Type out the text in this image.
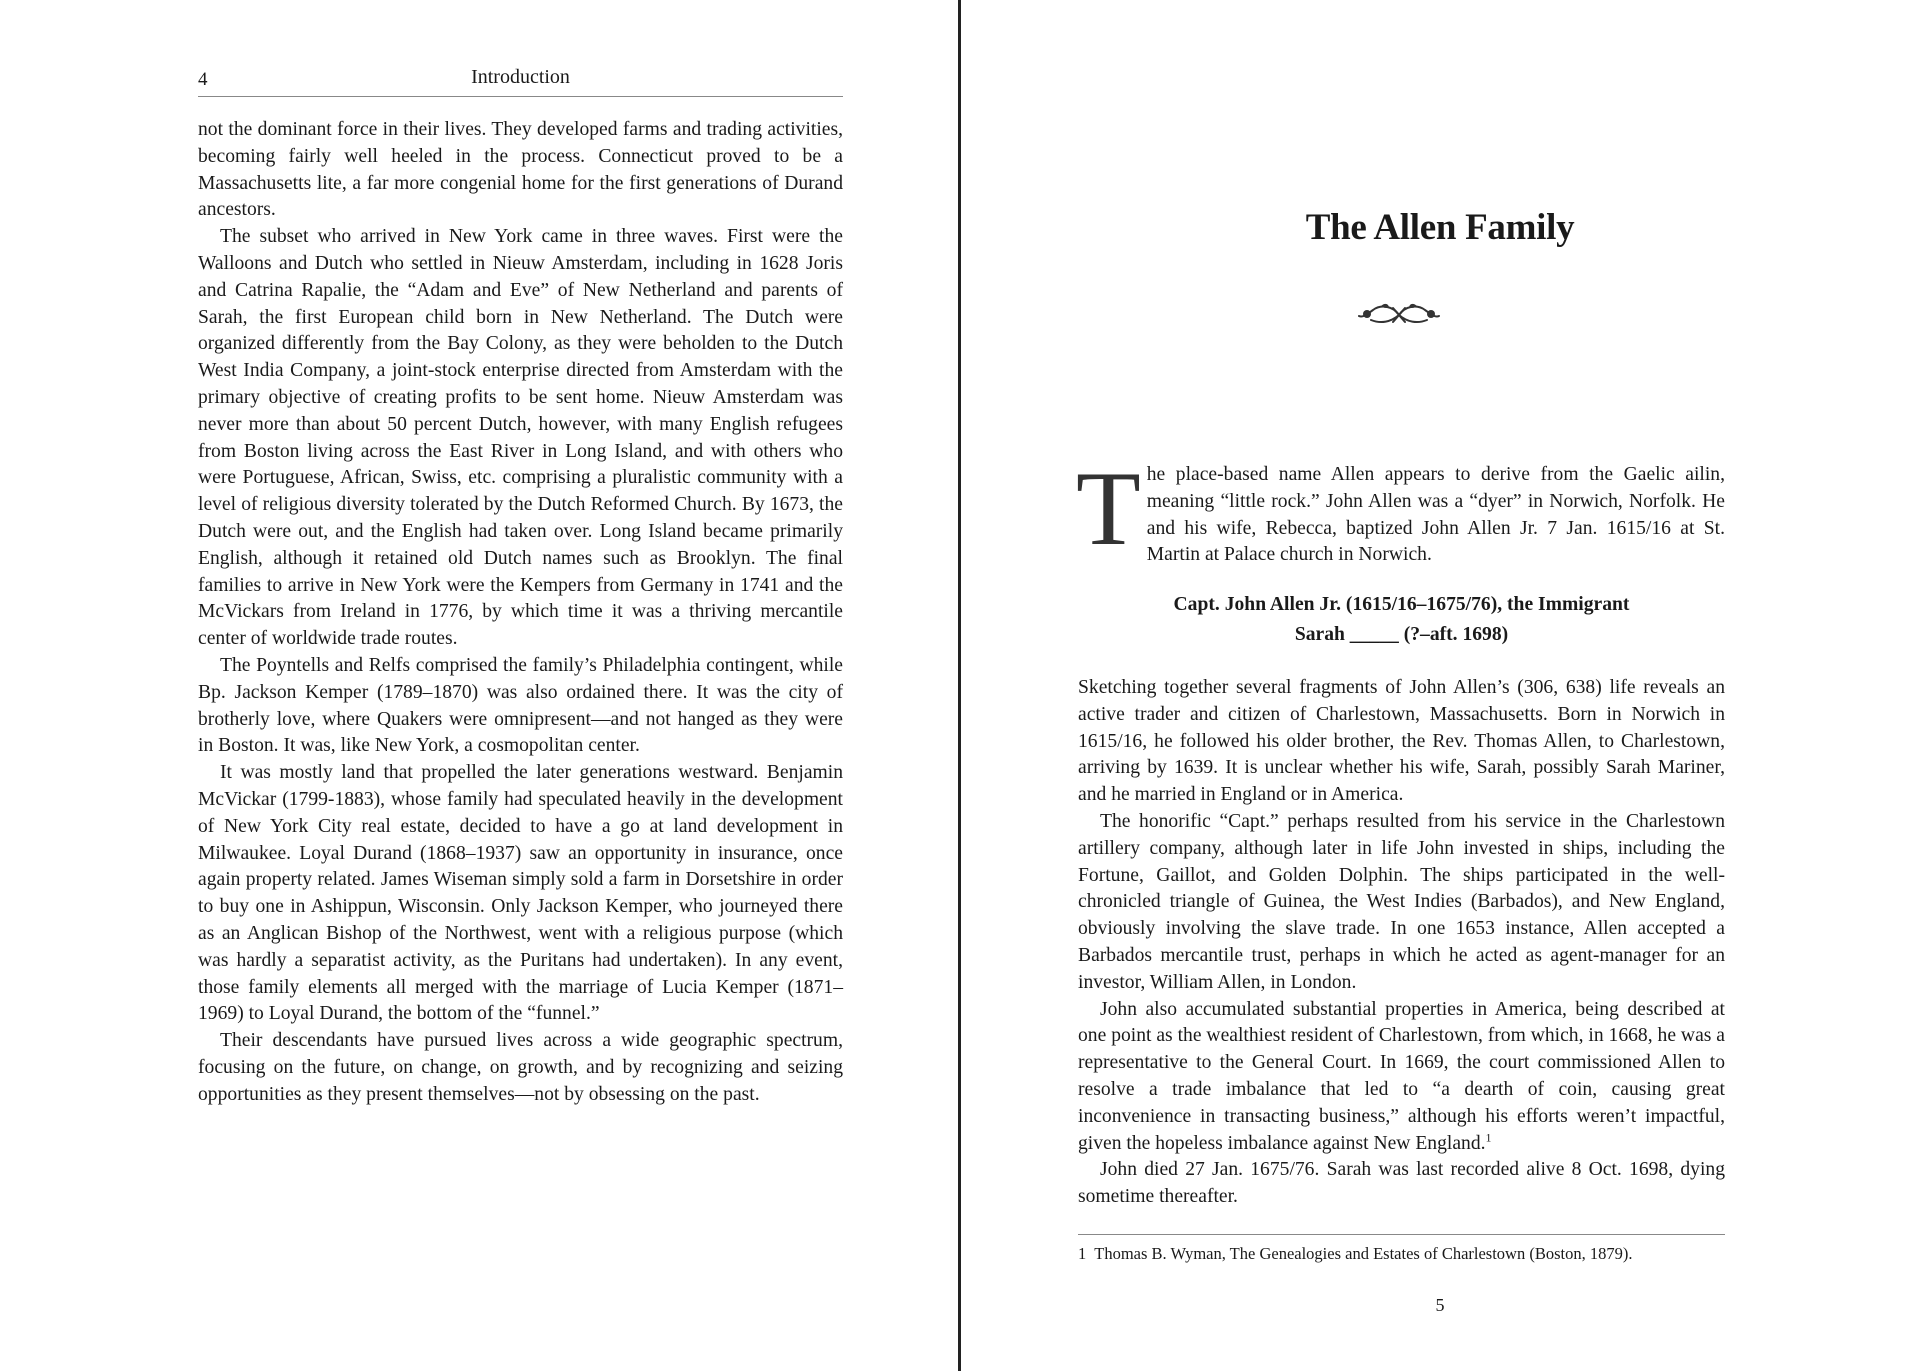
4	Introduction

not the dominant force in their lives. They developed farms and trading activities, becoming fairly well heeled in the process. Connecticut proved to be a Massachusetts lite, a far more congenial home for the first generations of Durand ancestors.

The subset who arrived in New York came in three waves. First were the Walloons and Dutch who settled in Nieuw Amsterdam, including in 1628 Joris and Catrina Rapalie, the “Adam and Eve” of New Netherland and parents of Sarah, the first European child born in New Netherland. The Dutch were organized differently from the Bay Colony, as they were beholden to the Dutch West India Company, a joint-stock enterprise directed from Amsterdam with the primary objective of creating profits to be sent home. Nieuw Amsterdam was never more than about 50 percent Dutch, however, with many English refugees from Boston living across the East River in Long Island, and with others who were Portuguese, African, Swiss, etc. comprising a pluralistic community with a level of religious diversity tolerated by the Dutch Reformed Church. By 1673, the Dutch were out, and the English had taken over. Long Island became primarily English, although it retained old Dutch names such as Brooklyn. The final families to arrive in New York were the Kempers from Germany in 1741 and the McVickars from Ireland in 1776, by which time it was a thriving mercantile center of worldwide trade routes.

The Poyntells and Relfs comprised the family’s Philadelphia contingent, while Bp. Jackson Kemper (1789–1870) was also ordained there. It was the city of brotherly love, where Quakers were omnipresent—and not hanged as they were in Boston. It was, like New York, a cosmopolitan center.

It was mostly land that propelled the later generations westward. Benjamin McVickar (1799-1883), whose family had speculated heavily in the development of New York City real estate, decided to have a go at land development in Milwaukee. Loyal Durand (1868–1937) saw an opportunity in insurance, once again property related. James Wiseman simply sold a farm in Dorsetshire in order to buy one in Ashippun, Wisconsin. Only Jackson Kemper, who journeyed there as an Anglican Bishop of the Northwest, went with a religious purpose (which was hardly a separatist activity, as the Puritans had undertaken). In any event, those family elements all merged with the marriage of Lucia Kemper (1871–1969) to Loyal Durand, the bottom of the “funnel.”

Their descendants have pursued lives across a wide geographic spectrum, focusing on the future, on change, on growth, and by recognizing and seizing opportunities as they present themselves—not by obsessing on the past.

The Allen Family

The place-based name Allen appears to derive from the Gaelic ailin, meaning “little rock.” John Allen was a “dyer” in Norwich, Norfolk. He and his wife, Rebecca, baptized John Allen Jr. 7 Jan. 1615/16 at St. Martin at Palace church in Norwich.

Capt. John Allen Jr. (1615/16–1675/76), the Immigrant
Sarah _____ (?–aft. 1698)

Sketching together several fragments of John Allen’s (306, 638) life reveals an active trader and citizen of Charlestown, Massachusetts. Born in Norwich in 1615/16, he followed his older brother, the Rev. Thomas Allen, to Charlestown, arriving by 1639. It is unclear whether his wife, Sarah, possibly Sarah Mariner, and he married in England or in America.

The honorific “Capt.” perhaps resulted from his service in the Charlestown artillery company, although later in life John invested in ships, including the Fortune, Gaillot, and Golden Dolphin. The ships participated in the well-chronicled triangle of Guinea, the West Indies (Barbados), and New England, obviously involving the slave trade. In one 1653 instance, Allen accepted a Barbados mercantile trust, perhaps in which he acted as agent-manager for an investor, William Allen, in London.

John also accumulated substantial properties in America, being described at one point as the wealthiest resident of Charlestown, from which, in 1668, he was a representative to the General Court. In 1669, the court commissioned Allen to resolve a trade imbalance that led to “a dearth of coin, causing great inconvenience in transacting business,” although his efforts weren’t impactful, given the hopeless imbalance against New England.$^1$

John died 27 Jan. 1675/76. Sarah was last recorded alive 8 Oct. 1698, dying sometime thereafter.

1 Thomas B. Wyman, The Genealogies and Estates of Charlestown (Boston, 1879).
5
